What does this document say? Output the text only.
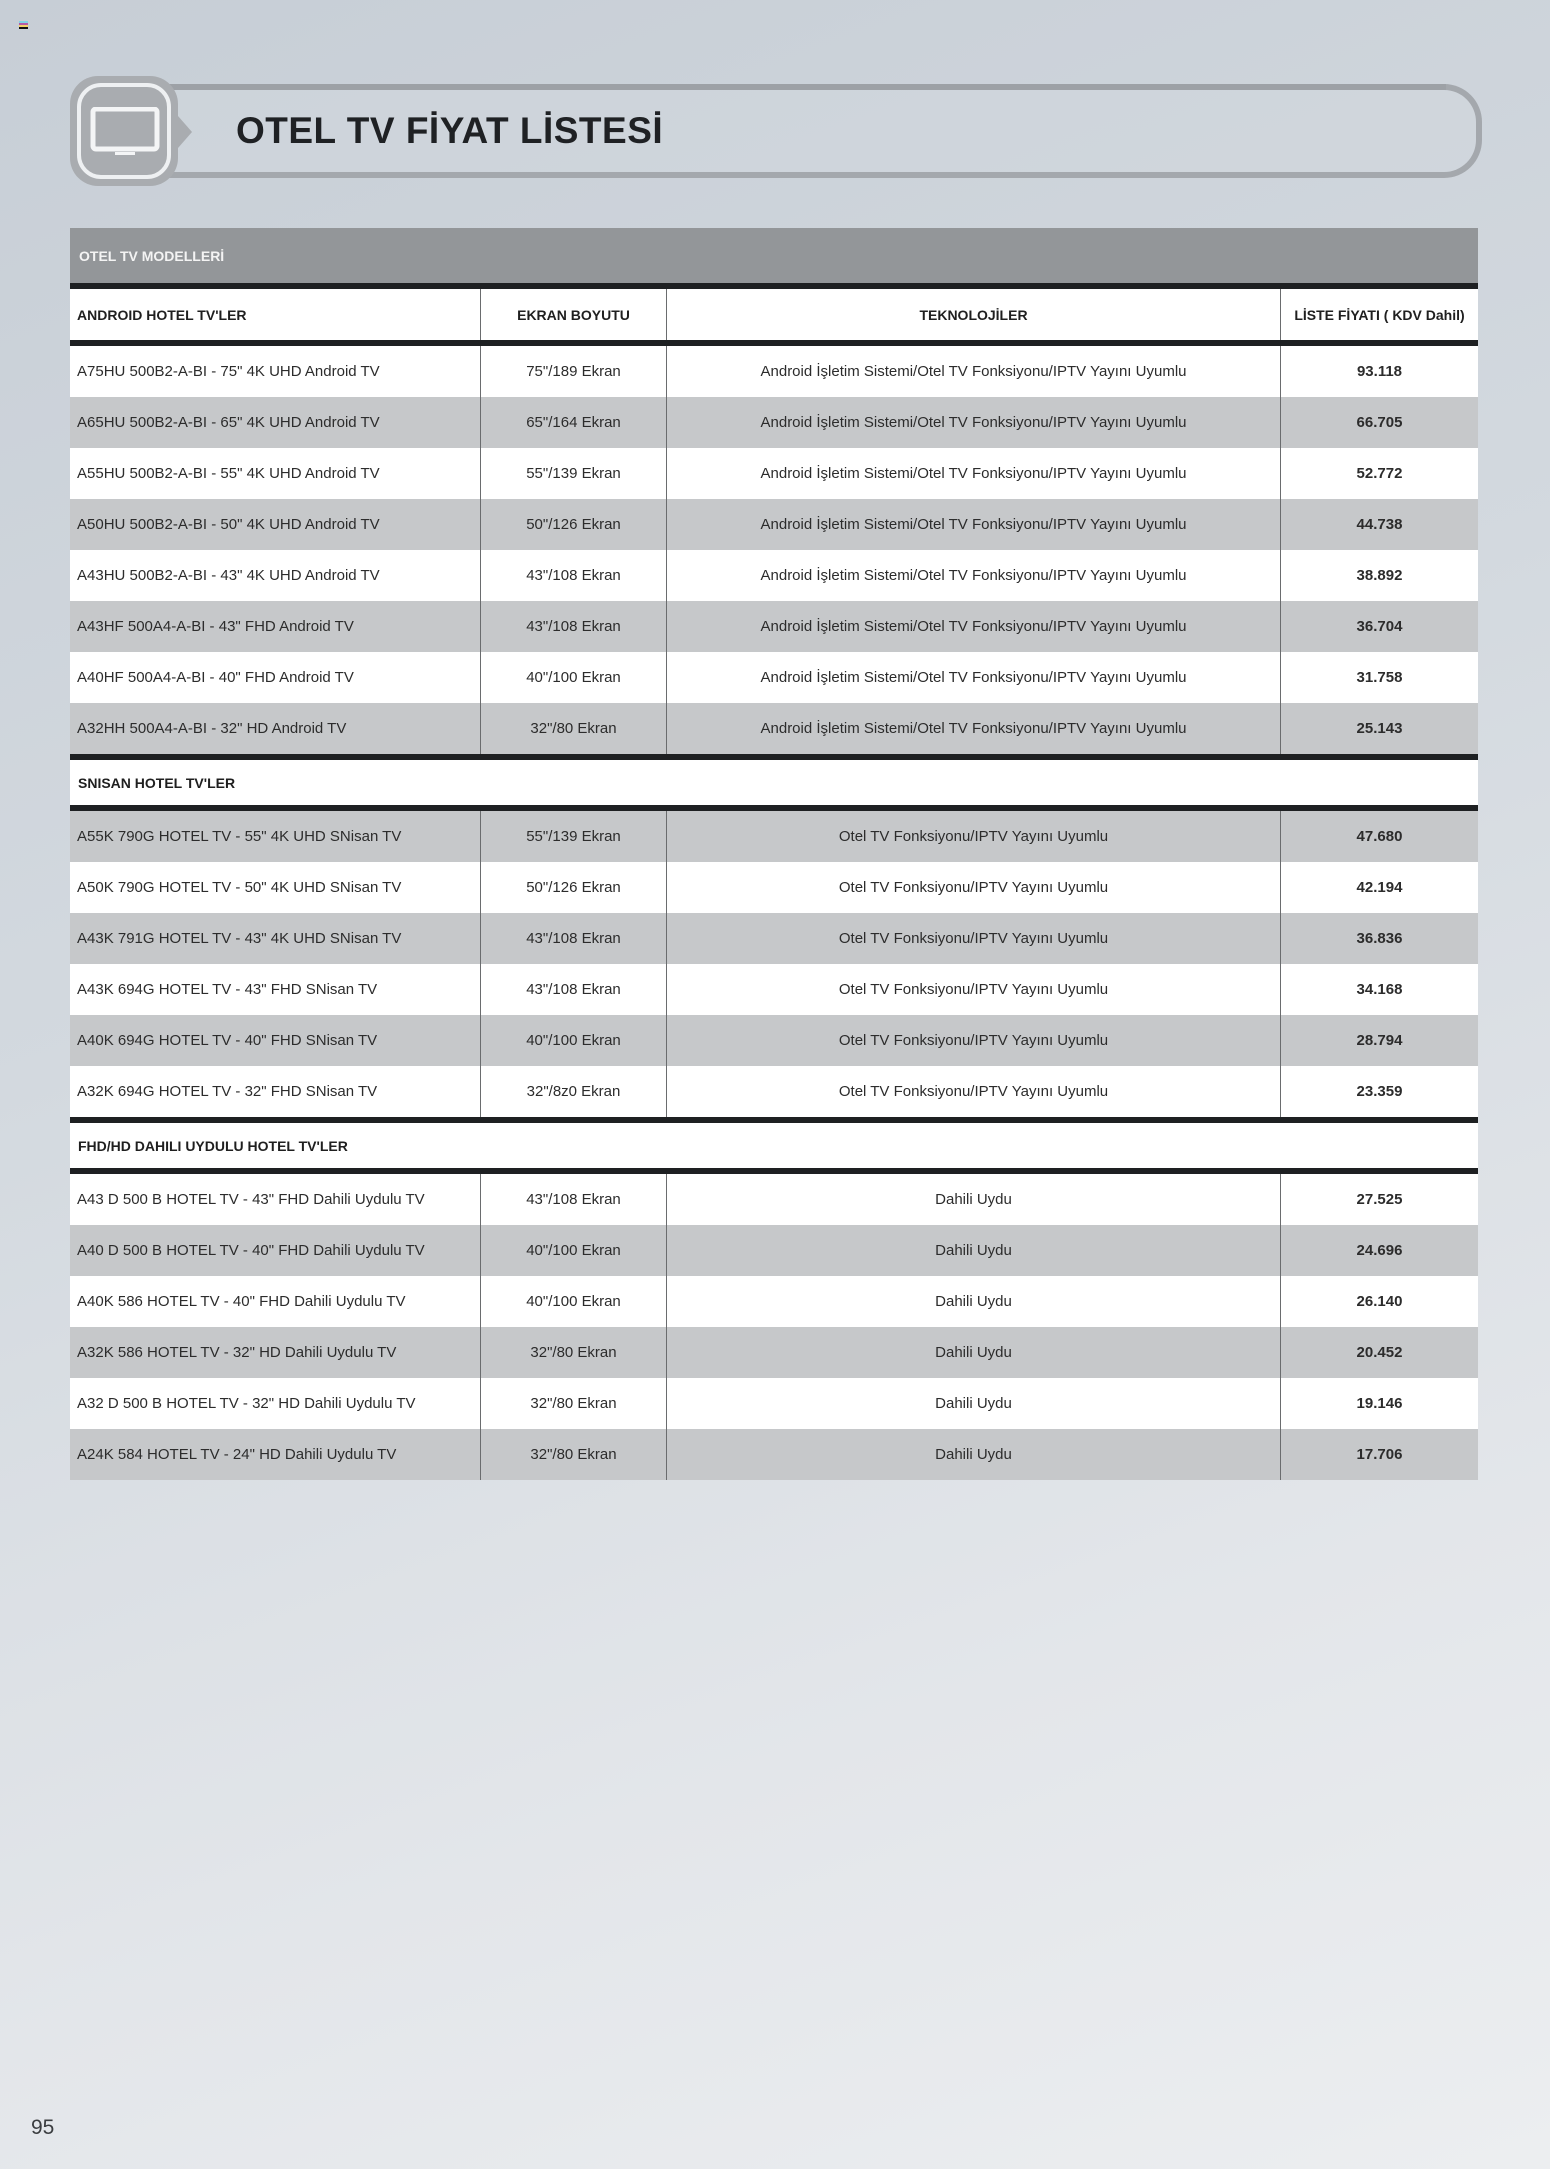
OTEL TV FİYAT LİSTESİ
OTEL TV MODELLERİ
ANDROID HOTEL TV'LER	EKRAN BOYUTU	TEKNOLOJİLER	LİSTE FİYATI ( KDV Dahil)
A75HU 500B2-A-BI - 75" 4K UHD Android TV	75"/189 Ekran	Android İşletim Sistemi/Otel TV Fonksiyonu/IPTV Yayını Uyumlu	93.118
A65HU 500B2-A-BI - 65" 4K UHD Android TV	65"/164 Ekran	Android İşletim Sistemi/Otel TV Fonksiyonu/IPTV Yayını Uyumlu	66.705
A55HU 500B2-A-BI - 55" 4K UHD Android TV	55"/139 Ekran	Android İşletim Sistemi/Otel TV Fonksiyonu/IPTV Yayını Uyumlu	52.772
A50HU 500B2-A-BI - 50" 4K UHD Android TV	50"/126 Ekran	Android İşletim Sistemi/Otel TV Fonksiyonu/IPTV Yayını Uyumlu	44.738
A43HU 500B2-A-BI - 43" 4K UHD Android TV	43"/108 Ekran	Android İşletim Sistemi/Otel TV Fonksiyonu/IPTV Yayını Uyumlu	38.892
A43HF 500A4-A-BI - 43" FHD Android TV	43"/108 Ekran	Android İşletim Sistemi/Otel TV Fonksiyonu/IPTV Yayını Uyumlu	36.704
A40HF 500A4-A-BI - 40" FHD Android TV	40"/100 Ekran	Android İşletim Sistemi/Otel TV Fonksiyonu/IPTV Yayını Uyumlu	31.758
A32HH 500A4-A-BI - 32" HD Android TV	32"/80 Ekran	Android İşletim Sistemi/Otel TV Fonksiyonu/IPTV Yayını Uyumlu	25.143
SNISAN HOTEL TV'LER
A55K 790G HOTEL TV - 55" 4K UHD SNisan TV	55"/139 Ekran	Otel TV Fonksiyonu/IPTV Yayını Uyumlu	47.680
A50K 790G HOTEL TV - 50" 4K UHD SNisan TV	50"/126 Ekran	Otel TV Fonksiyonu/IPTV Yayını Uyumlu	42.194
A43K 791G HOTEL TV - 43" 4K UHD SNisan TV	43"/108 Ekran	Otel TV Fonksiyonu/IPTV Yayını Uyumlu	36.836
A43K 694G HOTEL TV - 43" FHD SNisan TV	43"/108 Ekran	Otel TV Fonksiyonu/IPTV Yayını Uyumlu	34.168
A40K 694G HOTEL TV - 40" FHD SNisan TV	40"/100 Ekran	Otel TV Fonksiyonu/IPTV Yayını Uyumlu	28.794
A32K 694G HOTEL TV - 32" FHD SNisan TV	32"/8z0 Ekran	Otel TV Fonksiyonu/IPTV Yayını Uyumlu	23.359
FHD/HD DAHILI UYDULU HOTEL TV'LER
A43 D 500 B HOTEL TV - 43" FHD Dahili Uydulu TV	43"/108 Ekran	Dahili Uydu	27.525
A40 D 500 B HOTEL TV - 40" FHD Dahili Uydulu TV	40"/100 Ekran	Dahili Uydu	24.696
A40K 586 HOTEL TV - 40" FHD Dahili Uydulu TV	40"/100 Ekran	Dahili Uydu	26.140
A32K 586 HOTEL TV - 32" HD Dahili Uydulu TV	32"/80 Ekran	Dahili Uydu	20.452
A32 D 500 B HOTEL TV - 32" HD Dahili Uydulu TV	32"/80 Ekran	Dahili Uydu	19.146
A24K 584 HOTEL TV - 24" HD Dahili Uydulu TV	32"/80 Ekran	Dahili Uydu	17.706
95
